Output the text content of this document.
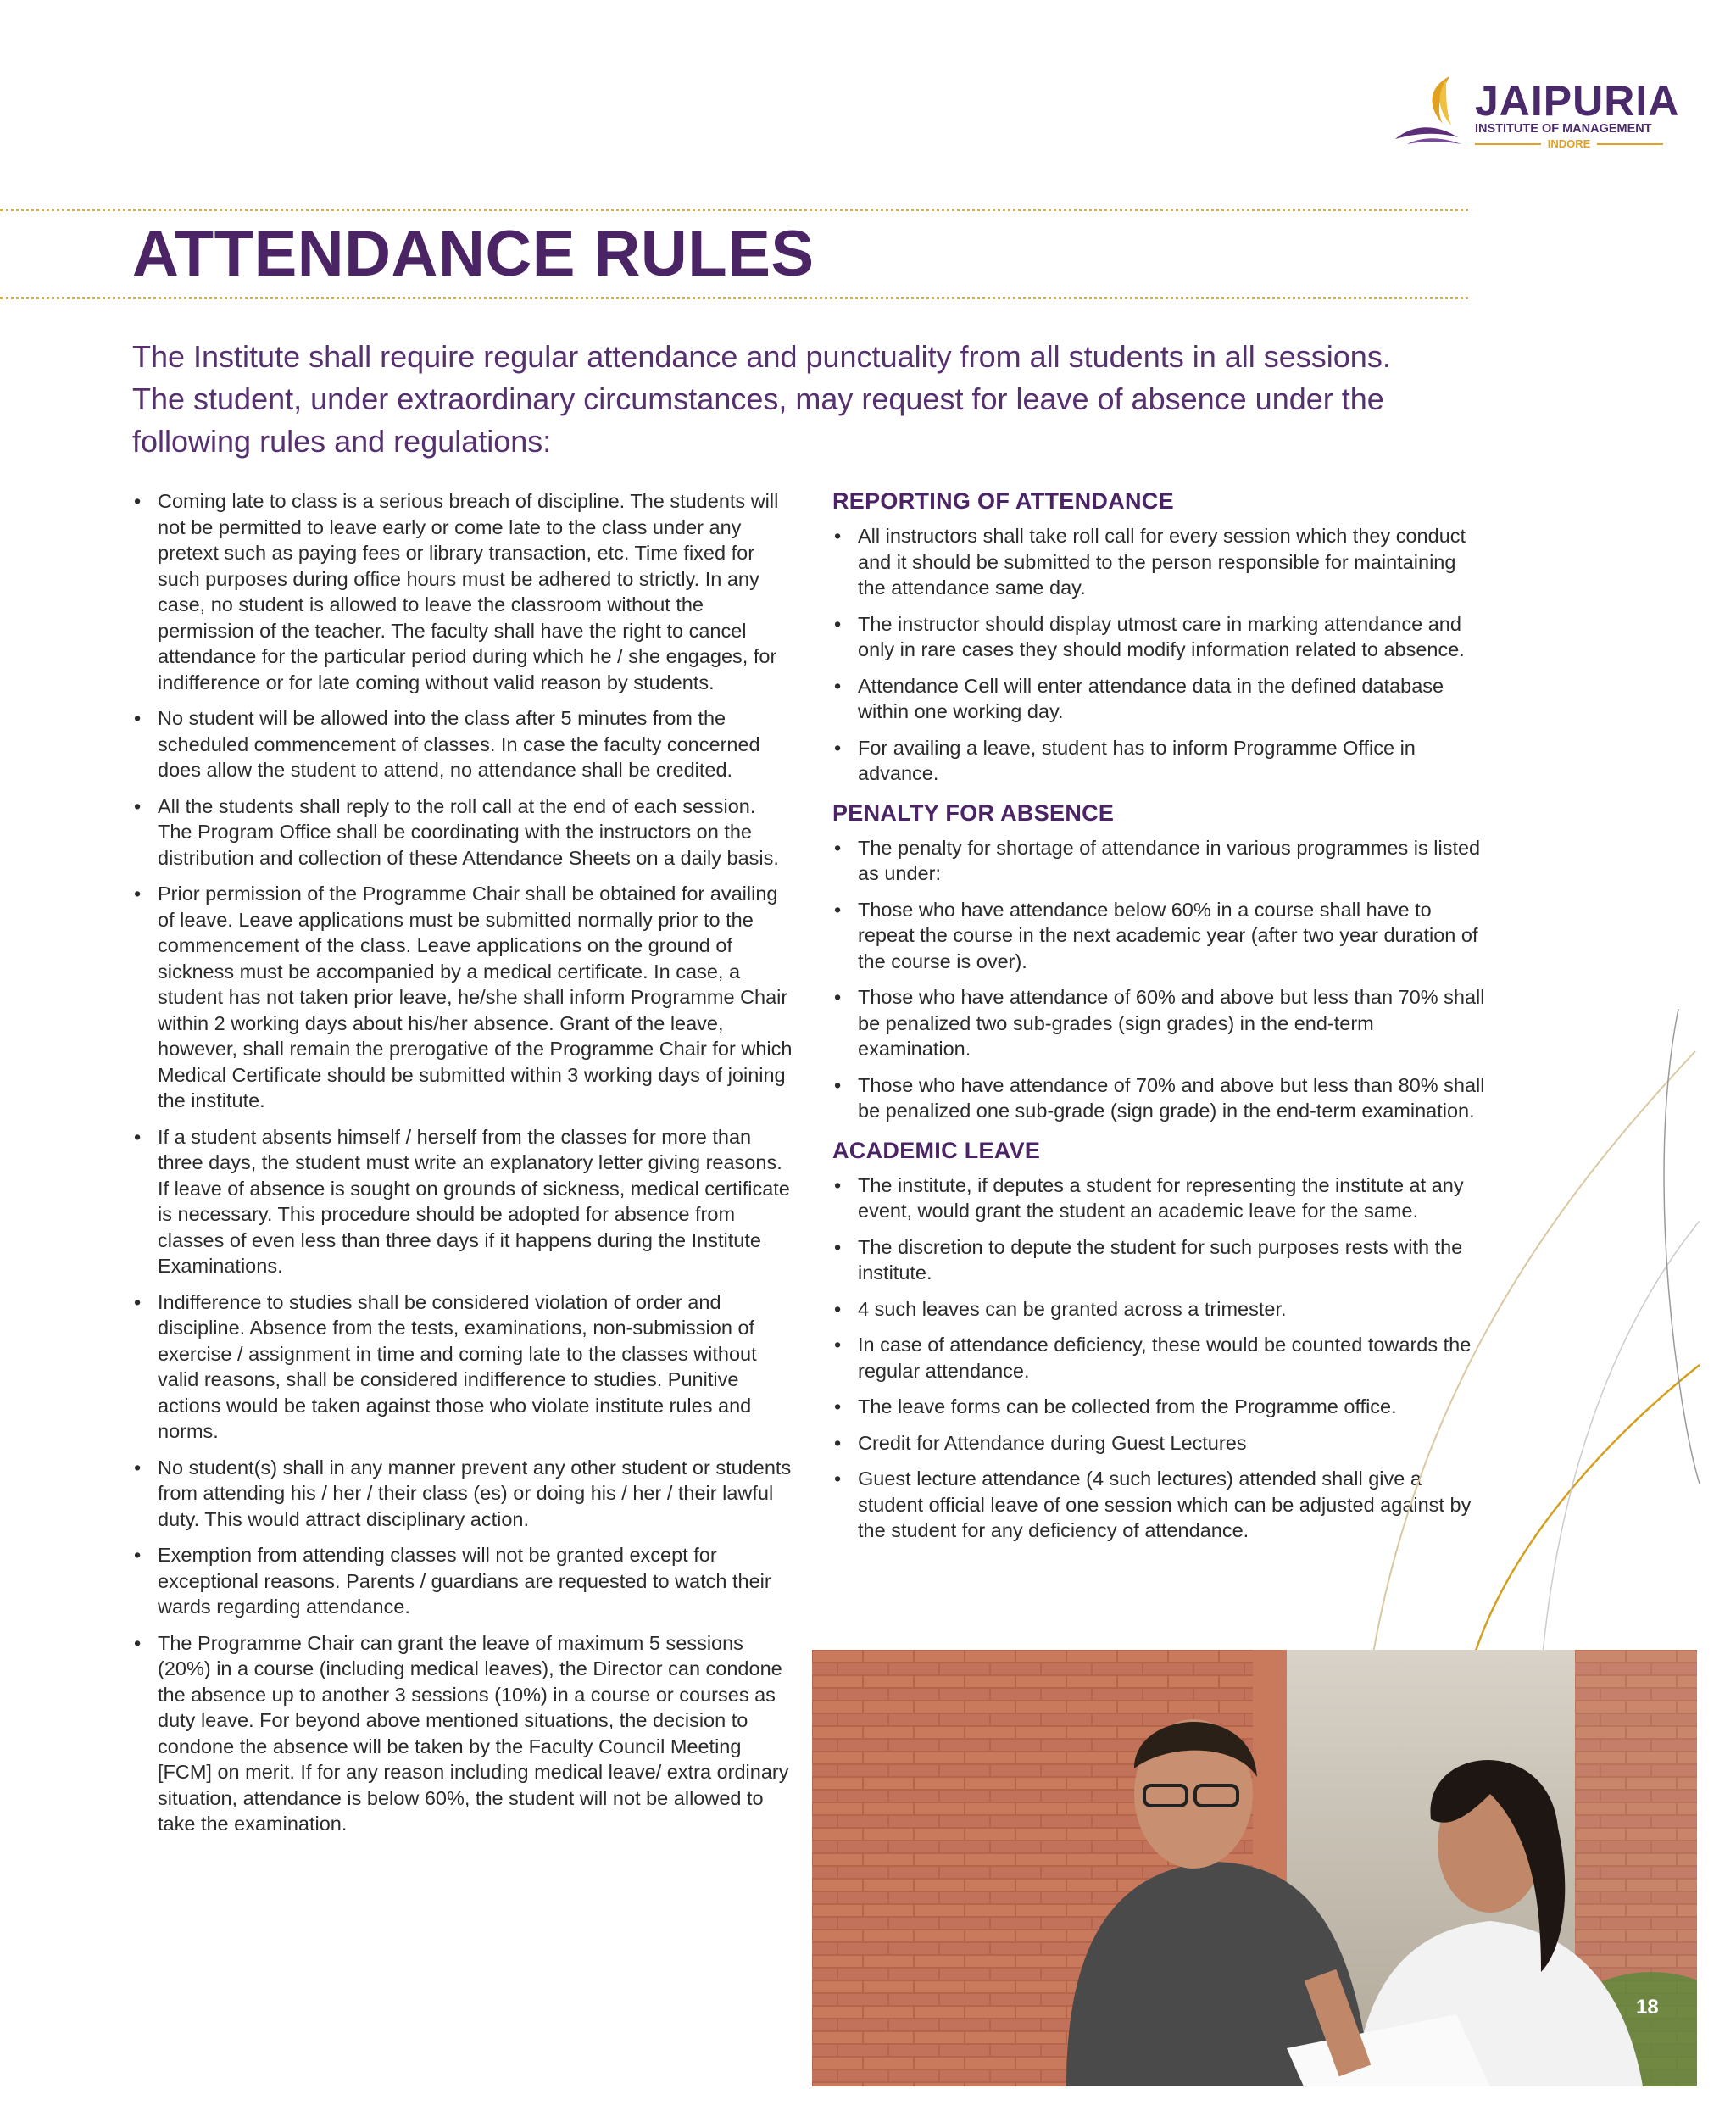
JAIPURIA
INSTITUTE OF MANAGEMENT
INDORE
ATTENDANCE RULES

The Institute shall require regular attendance and punctuality from all students in all sessions. The student, under extraordinary circumstances, may request for leave of absence under the following rules and regulations:

• Coming late to class is a serious breach of discipline. The students will not be permitted to leave early or come late to the class under any pretext such as paying fees or library transaction, etc. Time fixed for such purposes during office hours must be adhered to strictly. In any case, no student is allowed to leave the classroom without the permission of the teacher. The faculty shall have the right to cancel attendance for the particular period during which he / she engages, for indifference or for late coming without valid reason by students.
• No student will be allowed into the class after 5 minutes from the scheduled commencement of classes. In case the faculty concerned does allow the student to attend, no attendance shall be credited.
• All the students shall reply to the roll call at the end of each session. The Program Office shall be coordinating with the instructors on the distribution and collection of these Attendance Sheets on a daily basis.
• Prior permission of the Programme Chair shall be obtained for availing of leave. Leave applications must be submitted normally prior to the commencement of the class. Leave applications on the ground of sickness must be accompanied by a medical certificate. In case, a student has not taken prior leave, he/she shall inform Programme Chair within 2 working days about his/her absence. Grant of the leave, however, shall remain the prerogative of the Programme Chair for which Medical Certificate should be submitted within 3 working days of joining the institute.
• If a student absents himself / herself from the classes for more than three days, the student must write an explanatory letter giving reasons. If leave of absence is sought on grounds of sickness, medical certificate is necessary. This procedure should be adopted for absence from classes of even less than three days if it happens during the Institute Examinations.
• Indifference to studies shall be considered violation of order and discipline. Absence from the tests, examinations, non-submission of exercise / assignment in time and coming late to the classes without valid reasons, shall be considered indifference to studies. Punitive actions would be taken against those who violate institute rules and norms.
• No student(s) shall in any manner prevent any other student or students from attending his / her / their class (es) or doing his / her / their lawful duty. This would attract disciplinary action.
• Exemption from attending classes will not be granted except for exceptional reasons. Parents / guardians are requested to watch their wards regarding attendance.
• The Programme Chair can grant the leave of maximum 5 sessions (20%) in a course (including medical leaves), the Director can condone the absence up to another 3 sessions (10%) in a course or courses as duty leave. For beyond above mentioned situations, the decision to condone the absence will be taken by the Faculty Council Meeting [FCM] on merit. If for any reason including medical leave/ extra ordinary situation, attendance is below 60%, the student will not be allowed to take the examination.
REPORTING OF ATTENDANCE
• All instructors shall take roll call for every session which they conduct and it should be submitted to the person responsible for maintaining the attendance same day.
• The instructor should display utmost care in marking attendance and only in rare cases they should modify information related to absence.
• Attendance Cell will enter attendance data in the defined database within one working day.
• For availing a leave, student has to inform Programme Office in advance.
PENALTY FOR ABSENCE
• The penalty for shortage of attendance in various programmes is listed as under:
• Those who have attendance below 60% in a course shall have to repeat the course in the next academic year (after two year duration of the course is over).
• Those who have attendance of 60% and above but less than 70% shall be penalized two sub-grades (sign grades) in the end-term examination.
• Those who have attendance of 70% and above but less than 80% shall be penalized one sub-grade (sign grade) in the end-term examination.
ACADEMIC LEAVE
• The institute, if deputes a student for representing the institute at any event, would grant the student an academic leave for the same.
• The discretion to depute the student for such purposes rests with the institute.
• 4 such leaves can be granted across a trimester.
• In case of attendance deficiency, these would be counted towards the regular attendance.
• The leave forms can be collected from the Programme office.
• Credit for Attendance during Guest Lectures
• Guest lecture attendance (4 such lectures) attended shall give a student official leave of one session which can be adjusted against by the student for any deficiency of attendance.
18
